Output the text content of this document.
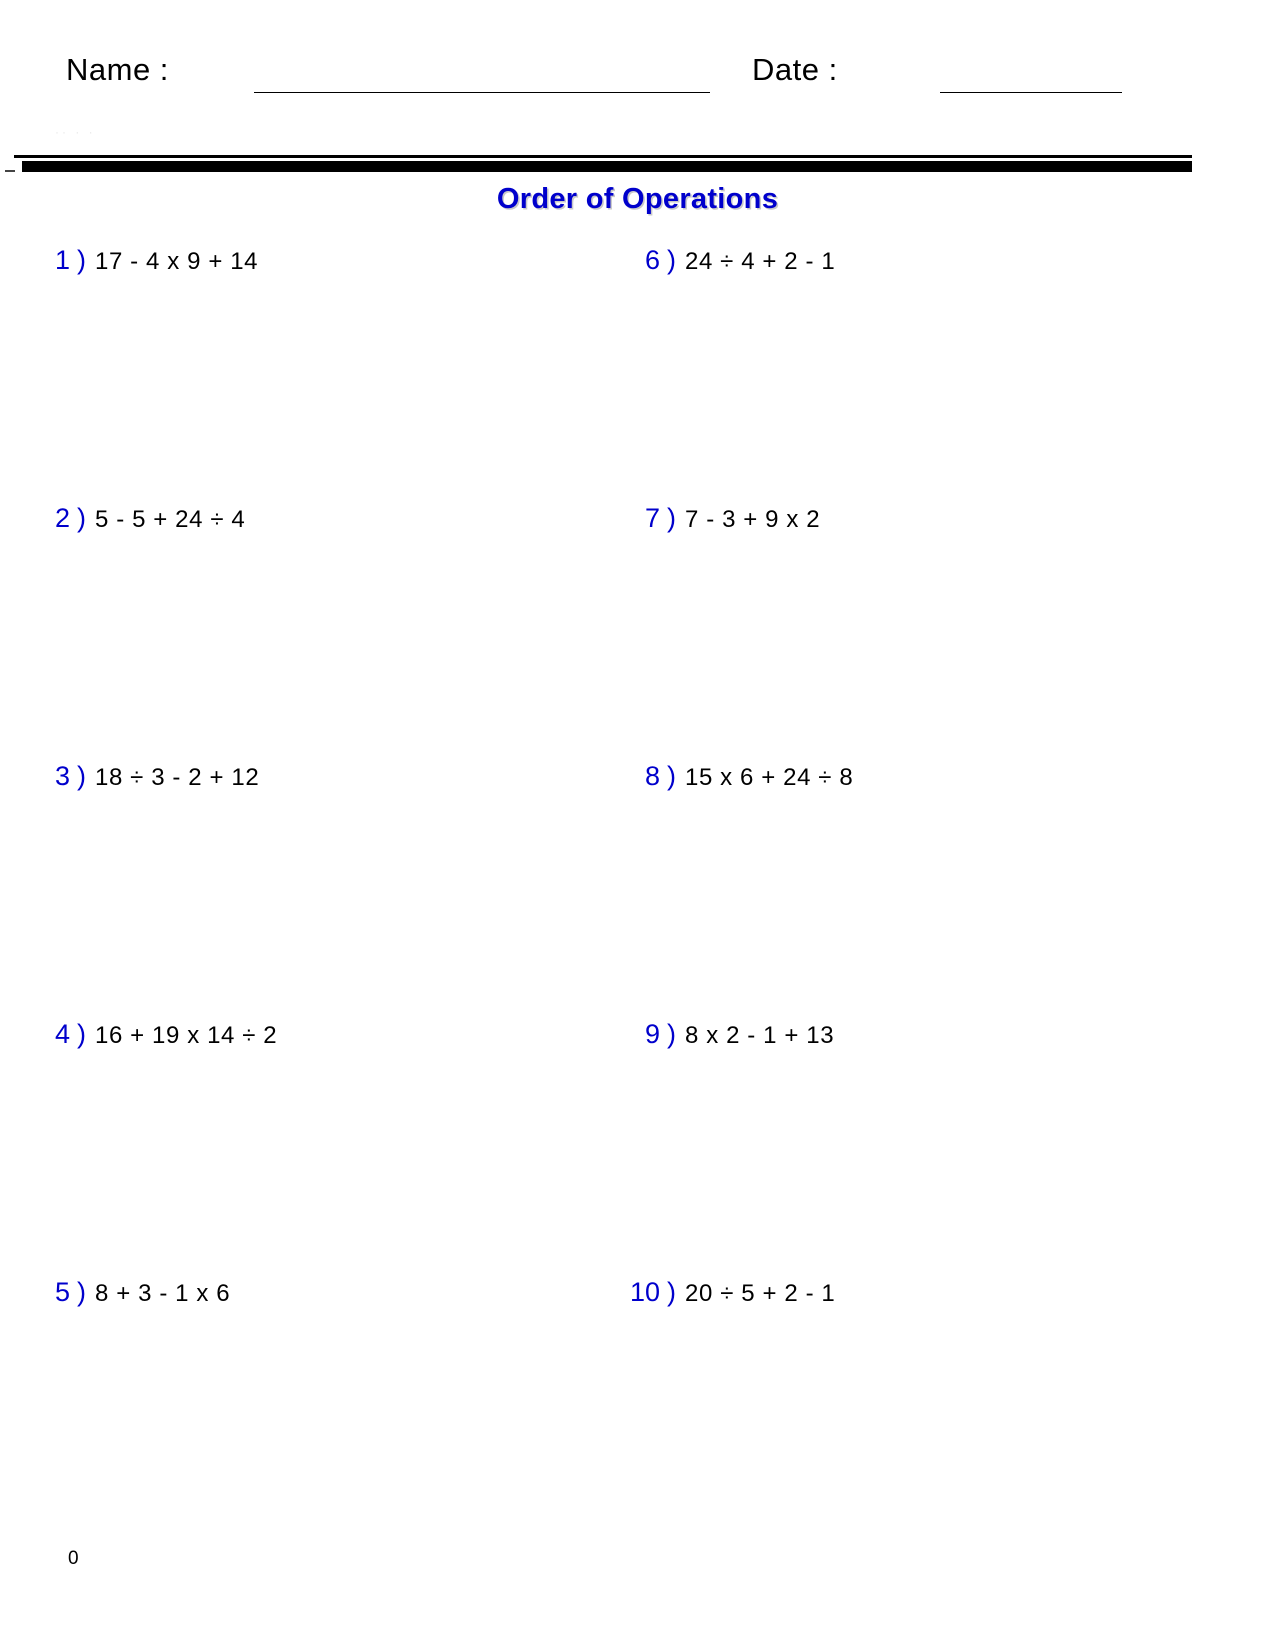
Name :	Date :
·· · ·
Order of Operations
1 ) 17 - 4 x 9 + 14	6 ) 24 ÷ 4 + 2 - 1
2 ) 5 - 5 + 24 ÷ 4	7 ) 7 - 3 + 9 x 2
3 ) 18 ÷ 3 - 2 + 12	8 ) 15 x 6 + 24 ÷ 8
4 ) 16 + 19 x 14 ÷ 2	9 ) 8 x 2 - 1 + 13
5 ) 8 + 3 - 1 x 6	10 ) 20 ÷ 5 + 2 - 1
0
